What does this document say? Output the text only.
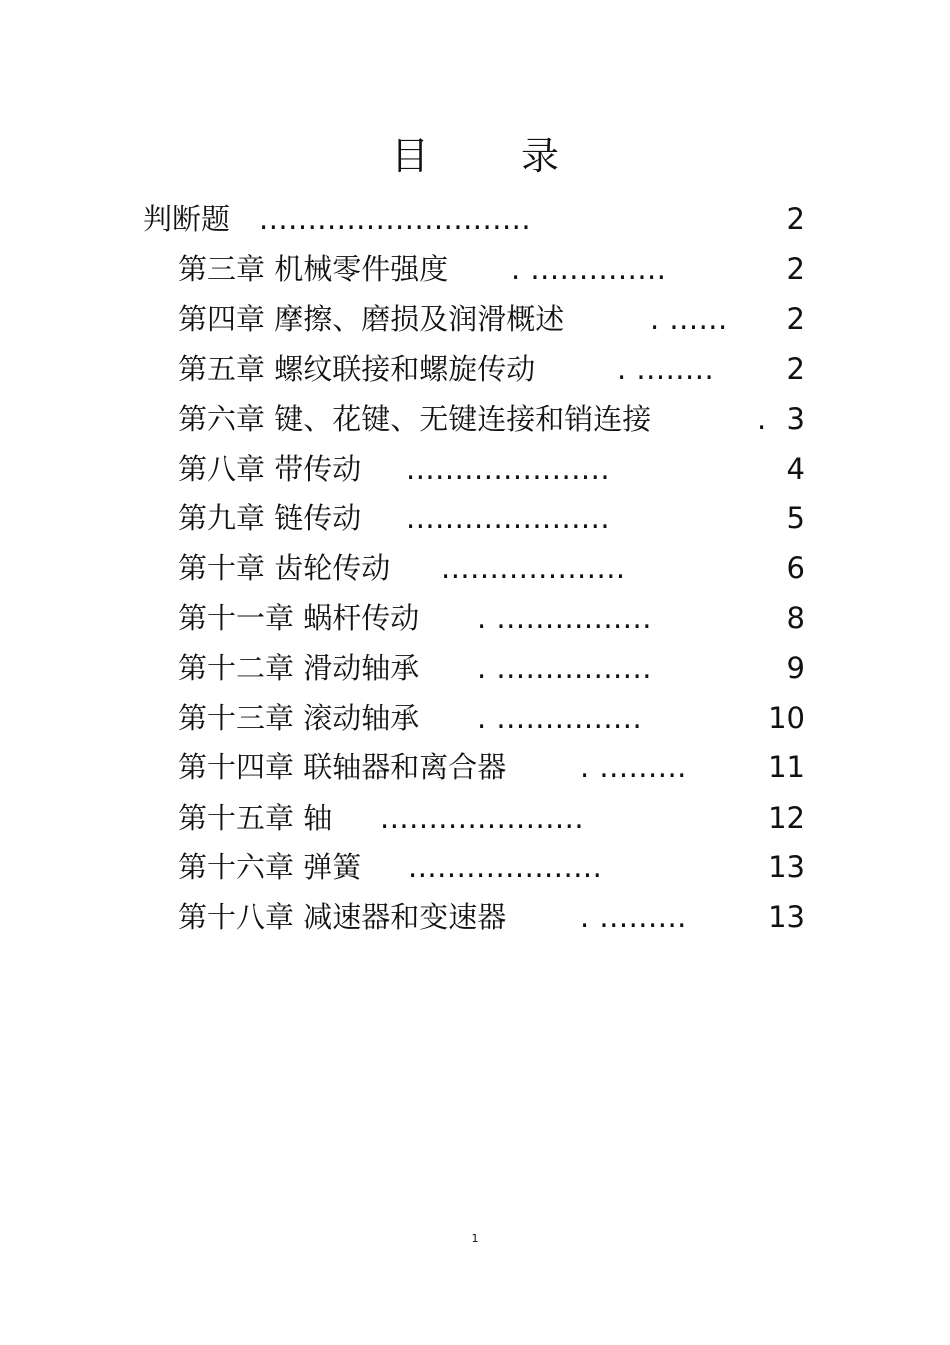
目 录
判断题 ............................	2
第三章 机械零件强度 . ..............	2
第四章 摩擦、磨损及润滑概述	. ...... 2
第五章 螺纹联接和螺旋传动	. ........ 2
第六章 键、花键、无键连接和销连接	. 3
第八章 带传动 .....................	4
第九章 链传动 .....................	5
第十章 齿轮传动 ...................	6
第十一章 蜗杆传动 . ................	8
第十二章 滑动轴承 . ................	9
第十三章 滚动轴承 . ...............	10
第十四章 联轴器和离合器	. .........	11
第十五章 轴 .....................	12
第十六章 弹簧 ....................	13
第十八章 减速器和变速器	. .........	13
1
